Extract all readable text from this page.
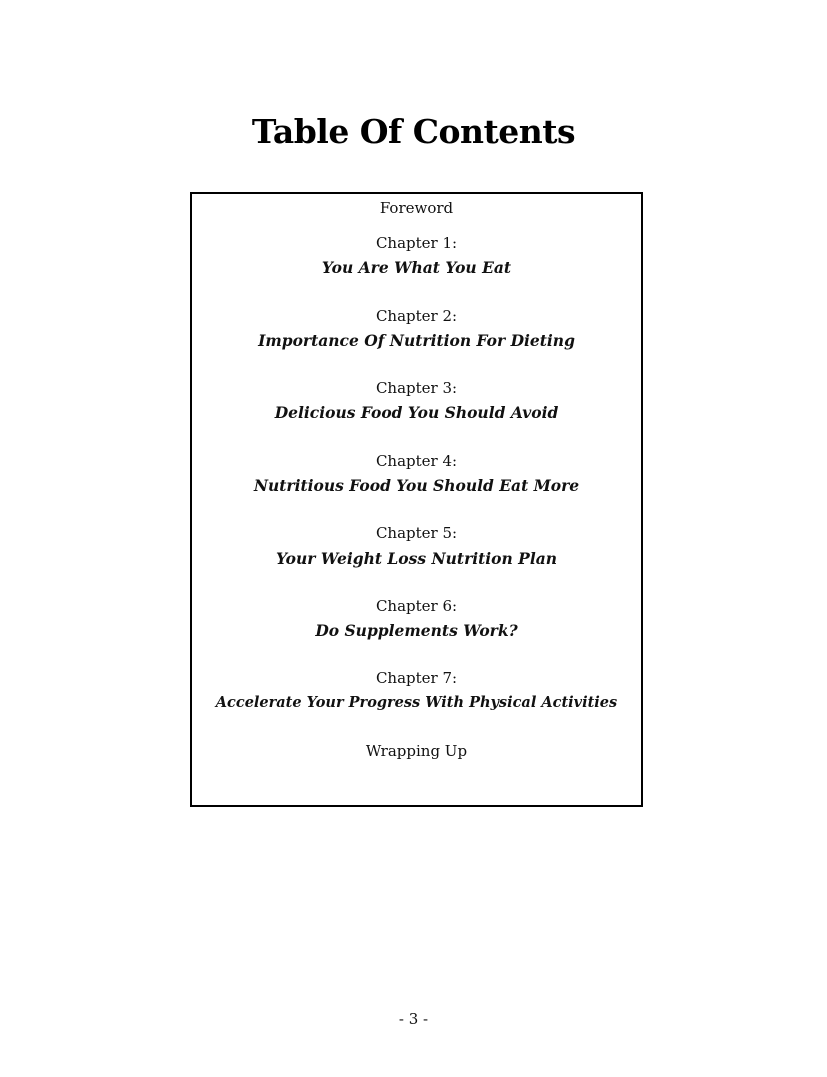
Table Of Contents
Foreword
Chapter 1:
You Are What You Eat
Chapter 2:
Importance Of Nutrition For Dieting
Chapter 3:
Delicious Food You Should Avoid
Chapter 4:
Nutritious Food You Should Eat More
Chapter 5:
Your Weight Loss Nutrition Plan
Chapter 6:
Do Supplements Work?
Chapter 7:
Accelerate Your Progress With Physical Activities
Wrapping Up
- 3 -
